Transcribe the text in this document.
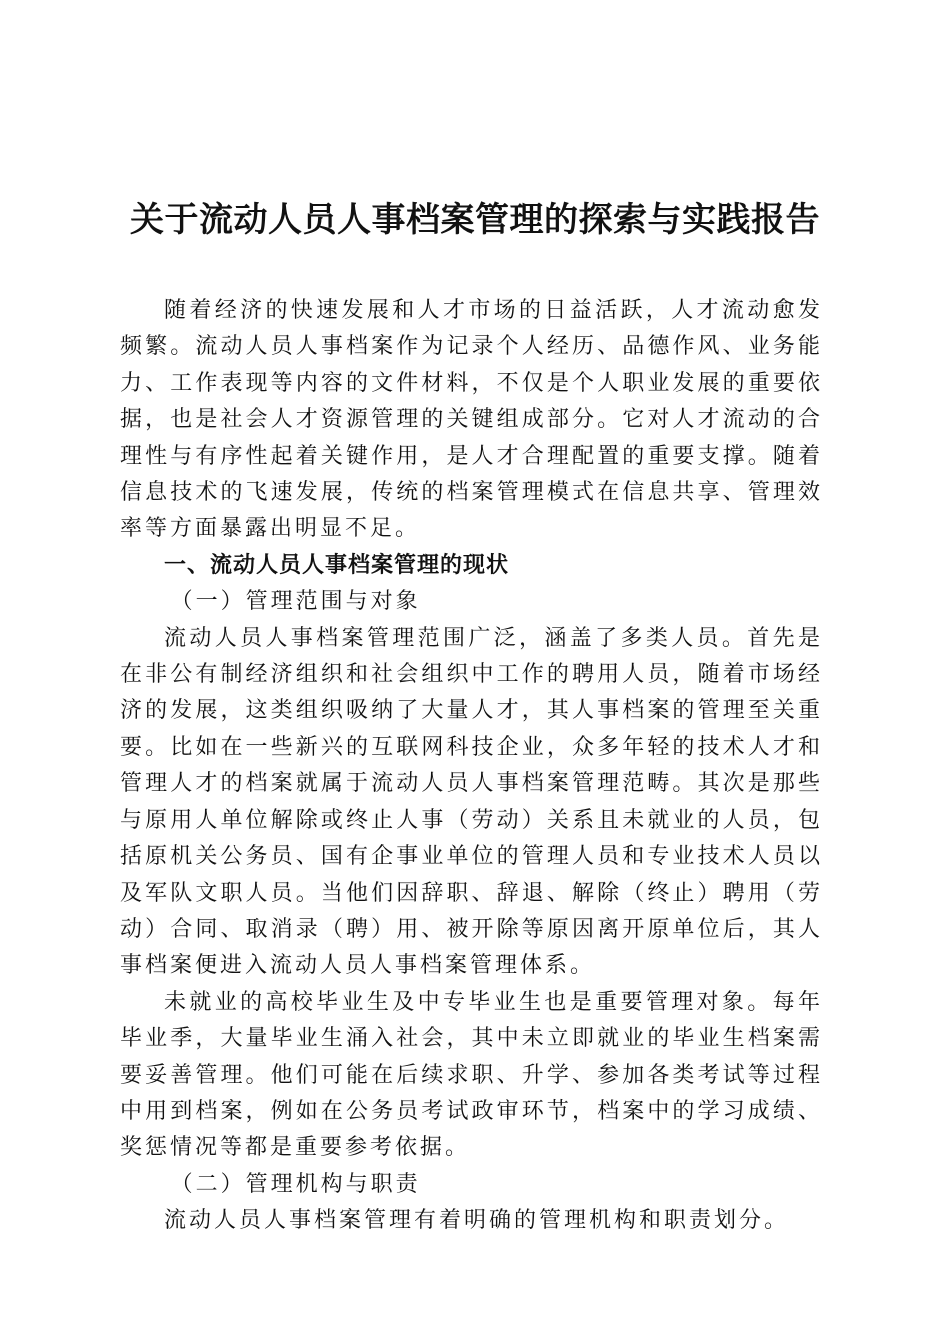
关于流动人员人事档案管理的探索与实践报告

随着经济的快速发展和人才市场的日益活跃，人才流动愈发频繁。流动人员人事档案作为记录个人经历、品德作风、业务能力、工作表现等内容的文件材料，不仅是个人职业发展的重要依据，也是社会人才资源管理的关键组成部分。它对人才流动的合理性与有序性起着关键作用，是人才合理配置的重要支撑。随着信息技术的飞速发展，传统的档案管理模式在信息共享、管理效率等方面暴露出明显不足。

一、流动人员人事档案管理的现状

（一）管理范围与对象

流动人员人事档案管理范围广泛，涵盖了多类人员。首先是在非公有制经济组织和社会组织中工作的聘用人员，随着市场经济的发展，这类组织吸纳了大量人才，其人事档案的管理至关重要。比如在一些新兴的互联网科技企业，众多年轻的技术人才和管理人才的档案就属于流动人员人事档案管理范畴。其次是那些与原用人单位解除或终止人事（劳动）关系且未就业的人员，包括原机关公务员、国有企事业单位的管理人员和专业技术人员以及军队文职人员。当他们因辞职、辞退、解除（终止）聘用（劳动）合同、取消录（聘）用、被开除等原因离开原单位后，其人事档案便进入流动人员人事档案管理体系。

未就业的高校毕业生及中专毕业生也是重要管理对象。每年毕业季，大量毕业生涌入社会，其中未立即就业的毕业生档案需要妥善管理。他们可能在后续求职、升学、参加各类考试等过程中用到档案，例如在公务员考试政审环节，档案中的学习成绩、奖惩情况等都是重要参考依据。

（二）管理机构与职责

流动人员人事档案管理有着明确的管理机构和职责划分。
